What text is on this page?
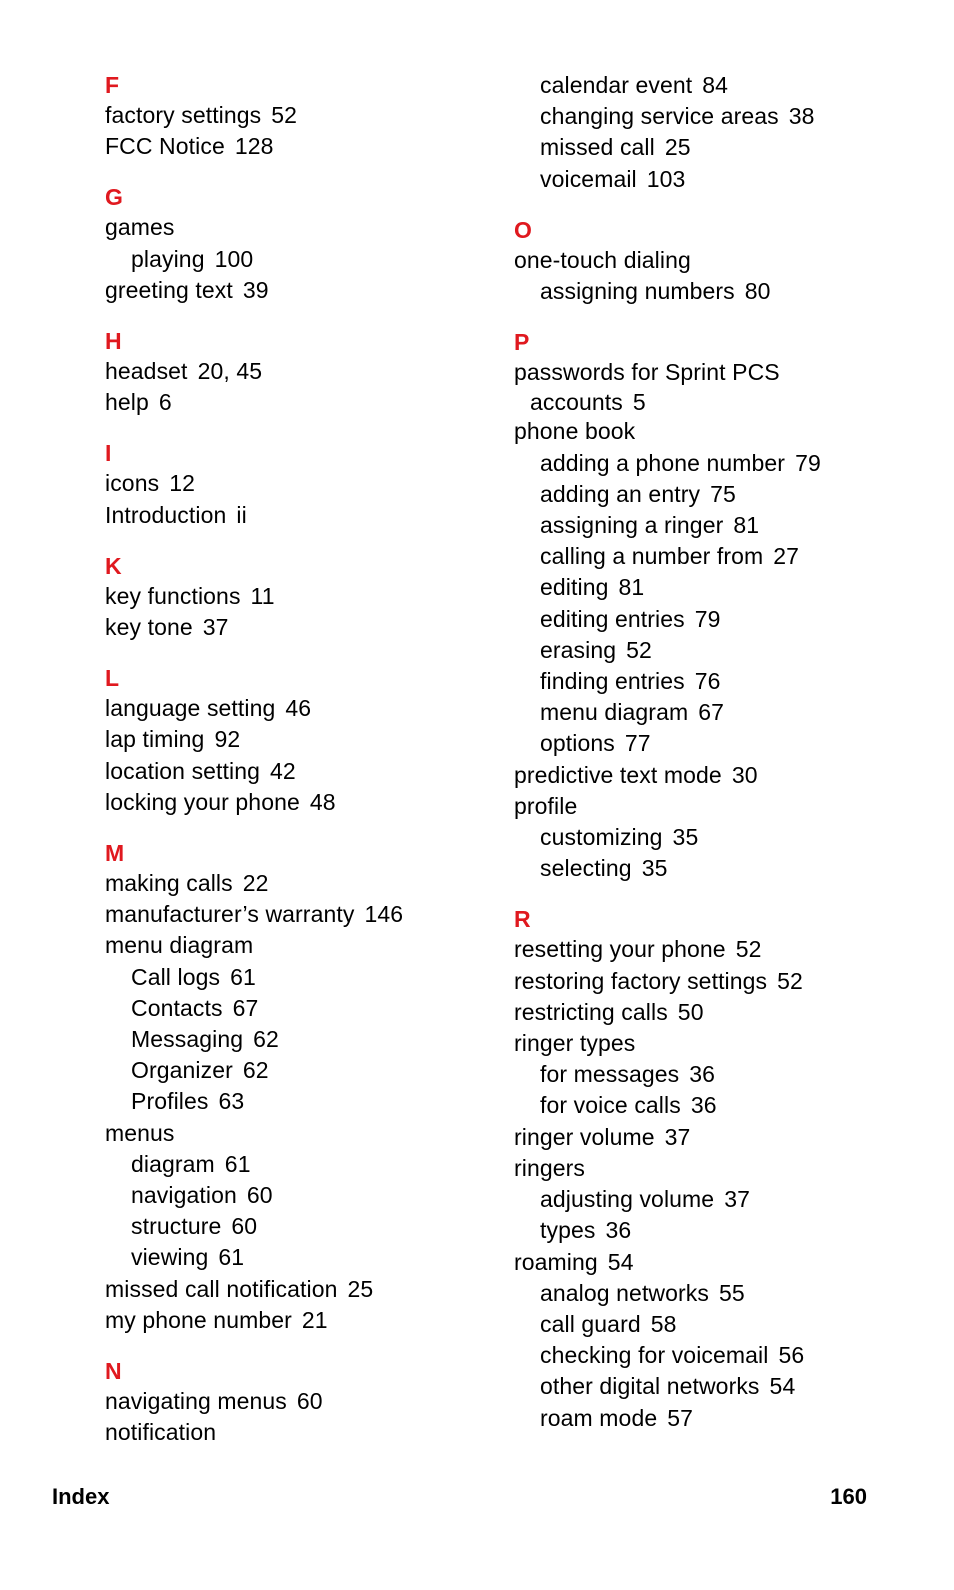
F
factory settings 52
FCC Notice 128
G
games
playing 100
greeting text 39
H
headset 20, 45
help 6
I
icons 12
Introduction ii
K
key functions 11
key tone 37
L
language setting 46
lap timing 92
location setting 42
locking your phone 48
M
making calls 22
manufacturer’s warranty 146
menu diagram
Call logs 61
Contacts 67
Messaging 62
Organizer 62
Profiles 63
menus
diagram 61
navigation 60
structure 60
viewing 61
missed call notification 25
my phone number 21
N
navigating menus 60
notification
calendar event 84
changing service areas 38
missed call 25
voicemail 103
O
one-touch dialing
assigning numbers 80
P
passwords for Sprint PCS
accounts 5
phone book
adding a phone number 79
adding an entry 75
assigning a ringer 81
calling a number from 27
editing 81
editing entries 79
erasing 52
finding entries 76
menu diagram 67
options 77
predictive text mode 30
profile
customizing 35
selecting 35
R
resetting your phone 52
restoring factory settings 52
restricting calls 50
ringer types
for messages 36
for voice calls 36
ringer volume 37
ringers
adjusting volume 37
types 36
roaming 54
analog networks 55
call guard 58
checking for voicemail 56
other digital networks 54
roam mode 57
Index	160
